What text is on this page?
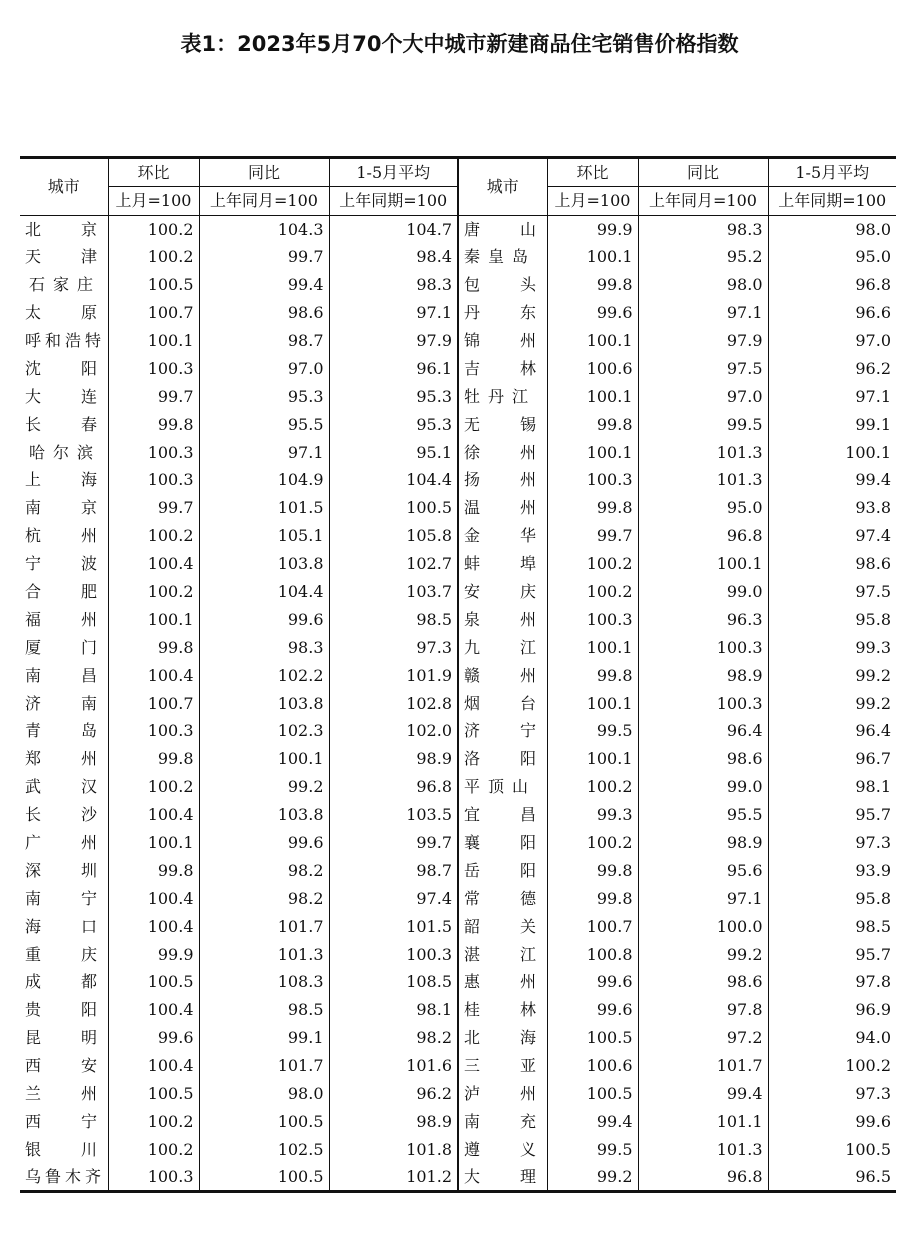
表1：2023年5月70个大中城市新建商品住宅销售价格指数
城市	环比	同比	1-5月平均	城市	环比	同比	1-5月平均
	上月=100	上年同月=100	上年同期=100		上月=100	上年同月=100	上年同期=100

北京	100.2	104.3	104.7	唐山	99.9	98.3	98.0

天津	100.2	99.7	98.4	秦皇岛	100.1	95.2	95.0

石家庄	100.5	99.4	98.3	包头	99.8	98.0	96.8

太原	100.7	98.6	97.1	丹东	99.6	97.1	96.6

呼和浩特	100.1	98.7	97.9	锦州	100.1	97.9	97.0

沈阳	100.3	97.0	96.1	吉林	100.6	97.5	96.2

大连	99.7	95.3	95.3	牡丹江	100.1	97.0	97.1

长春	99.8	95.5	95.3	无锡	99.8	99.5	99.1

哈尔滨	100.3	97.1	95.1	徐州	100.1	101.3	100.1

上海	100.3	104.9	104.4	扬州	100.3	101.3	99.4

南京	99.7	101.5	100.5	温州	99.8	95.0	93.8

杭州	100.2	105.1	105.8	金华	99.7	96.8	97.4

宁波	100.4	103.8	102.7	蚌埠	100.2	100.1	98.6

合肥	100.2	104.4	103.7	安庆	100.2	99.0	97.5

福州	100.1	99.6	98.5	泉州	100.3	96.3	95.8

厦门	99.8	98.3	97.3	九江	100.1	100.3	99.3

南昌	100.4	102.2	101.9	赣州	99.8	98.9	99.2

济南	100.7	103.8	102.8	烟台	100.1	100.3	99.2

青岛	100.3	102.3	102.0	济宁	99.5	96.4	96.4

郑州	99.8	100.1	98.9	洛阳	100.1	98.6	96.7

武汉	100.2	99.2	96.8	平顶山	100.2	99.0	98.1

长沙	100.4	103.8	103.5	宜昌	99.3	95.5	95.7

广州	100.1	99.6	99.7	襄阳	100.2	98.9	97.3

深圳	99.8	98.2	98.7	岳阳	99.8	95.6	93.9

南宁	100.4	98.2	97.4	常德	99.8	97.1	95.8

海口	100.4	101.7	101.5	韶关	100.7	100.0	98.5

重庆	99.9	101.3	100.3	湛江	100.8	99.2	95.7

成都	100.5	108.3	108.5	惠州	99.6	98.6	97.8

贵阳	100.4	98.5	98.1	桂林	99.6	97.8	96.9

昆明	99.6	99.1	98.2	北海	100.5	97.2	94.0

西安	100.4	101.7	101.6	三亚	100.6	101.7	100.2

兰州	100.5	98.0	96.2	泸州	100.5	99.4	97.3

西宁	100.2	100.5	98.9	南充	99.4	101.1	99.6

银川	100.2	102.5	101.8	遵义	99.5	101.3	100.5

乌鲁木齐	100.3	100.5	101.2	大理	99.2	96.8	96.5
